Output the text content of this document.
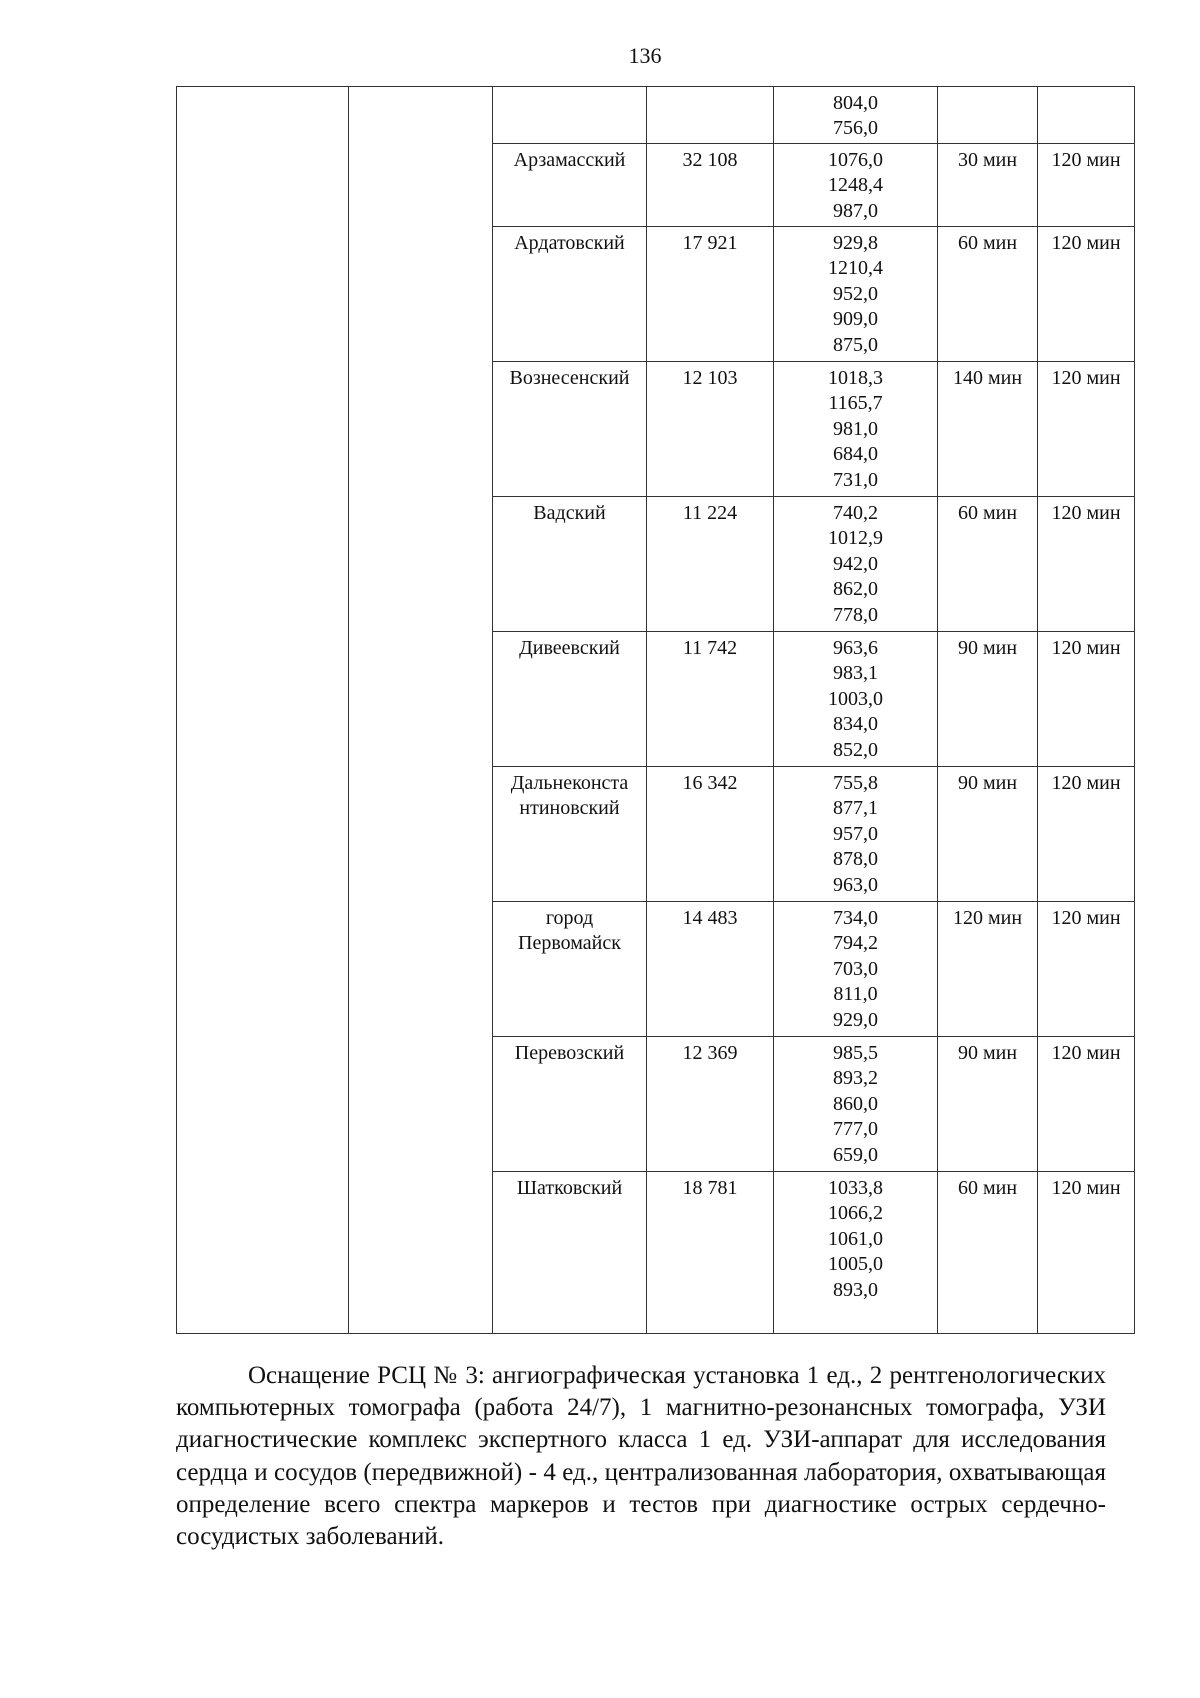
136

				804,0
756,0		

		Арзамасский	32 108	1076,0
1248,4
987,0	30 мин	120 мин
		Ардатовский	17 921	929,8
1210,4
952,0
909,0
875,0	60 мин	120 мин
		Вознесенский	12 103	1018,3
1165,7
981,0
684,0
731,0	140 мин	120 мин
		Вадский	11 224	740,2
1012,9
942,0
862,0
778,0	60 мин	120 мин
		Дивеевский	11 742	963,6
983,1
1003,0
834,0
852,0	90 мин	120 мин
		Дальнеконста нтиновский	16 342	755,8
877,1
957,0
878,0
963,0	90 мин	120 мин
		город Первомайск	14 483	734,0
794,2
703,0
811,0
929,0	120 мин	120 мин
		Перевозский	12 369	985,5
893,2
860,0
777,0
659,0	90 мин	120 мин
		Шатковский	18 781	1033,8
1066,2
1061,0
1005,0
893,0	60 мин	120 мин

Оснащение РСЦ № 3: ангиографическая установка 1 ед., 2 рентгенологических компьютерных томографа (работа 24/7), 1 магнитно-резонансных томографа, УЗИ диагностические комплекс экспертного класса 1 ед. УЗИ-аппарат для исследования сердца и сосудов (передвижной) - 4 ед., централизованная лаборатория, охватывающая определение всего спектра маркеров и тестов при диагностике острых сердечно-сосудистых заболеваний.
